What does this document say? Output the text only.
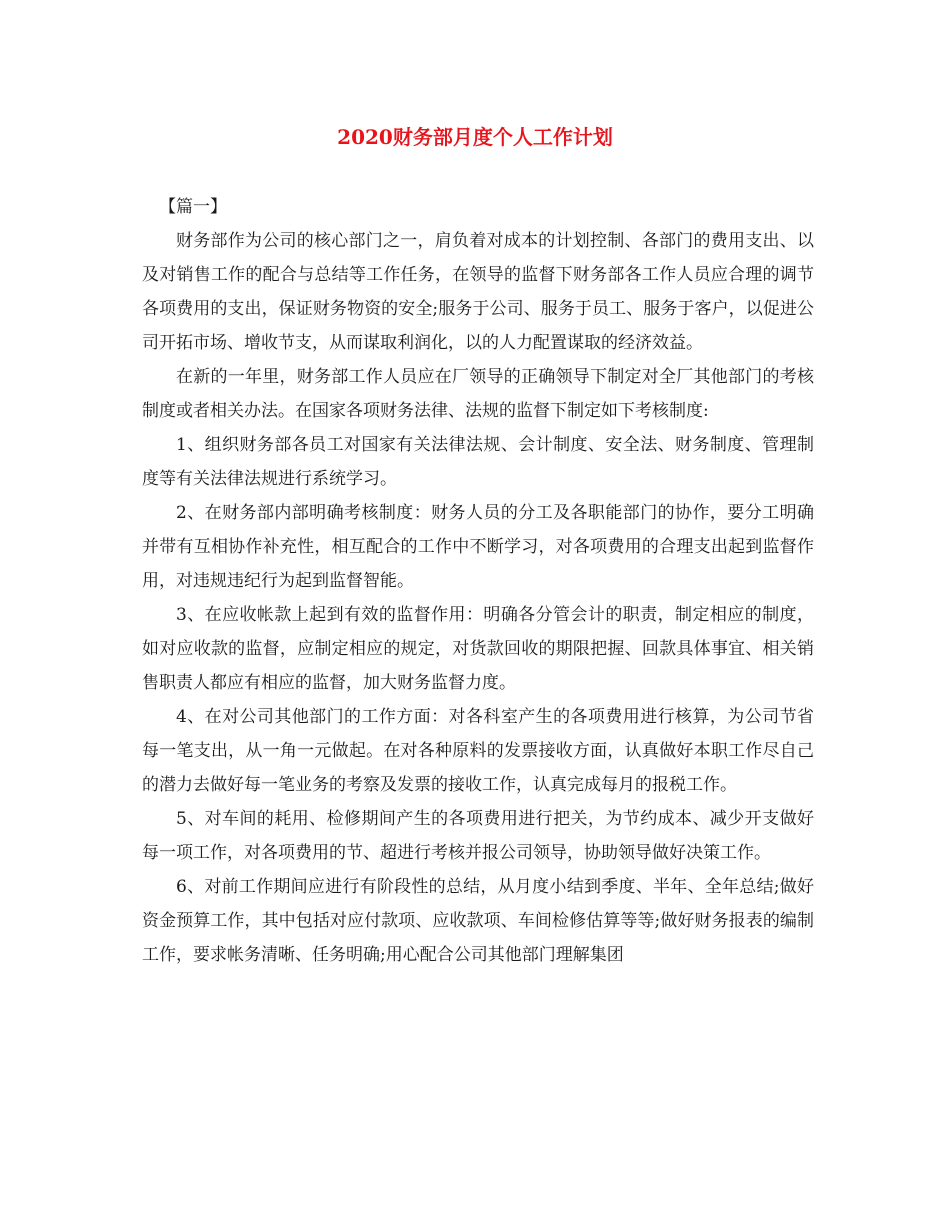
2020财务部月度个人工作计划

【篇一】

财务部作为公司的核心部门之一，肩负着对成本的计划控制、各部门的费用支出、以及对销售工作的配合与总结等工作任务，在领导的监督下财务部各工作人员应合理的调节各项费用的支出，保证财务物资的安全;服务于公司、服务于员工、服务于客户，以促进公司开拓市场、增收节支，从而谋取利润化，以的人力配置谋取的经济效益。

在新的一年里，财务部工作人员应在厂领导的正确领导下制定对全厂其他部门的考核制度或者相关办法。在国家各项财务法律、法规的监督下制定如下考核制度:

1、组织财务部各员工对国家有关法律法规、会计制度、安全法、财务制度、管理制度等有关法律法规进行系统学习。

2、在财务部内部明确考核制度：财务人员的分工及各职能部门的协作，要分工明确并带有互相协作补充性，相互配合的工作中不断学习，对各项费用的合理支出起到监督作用，对违规违纪行为起到监督智能。

3、在应收帐款上起到有效的监督作用：明确各分管会计的职责，制定相应的制度，如对应收款的监督，应制定相应的规定，对货款回收的期限把握、回款具体事宜、相关销售职责人都应有相应的监督，加大财务监督力度。

4、在对公司其他部门的工作方面：对各科室产生的各项费用进行核算，为公司节省每一笔支出，从一角一元做起。在对各种原料的发票接收方面，认真做好本职工作尽自己的潜力去做好每一笔业务的考察及发票的接收工作，认真完成每月的报税工作。

5、对车间的耗用、检修期间产生的各项费用进行把关，为节约成本、减少开支做好每一项工作，对各项费用的节、超进行考核并报公司领导，协助领导做好决策工作。

6、对前工作期间应进行有阶段性的总结，从月度小结到季度、半年、全年总结;做好资金预算工作，其中包括对应付款项、应收款项、车间检修估算等等;做好财务报表的编制工作，要求帐务清晰、任务明确;用心配合公司其他部门理解集团
